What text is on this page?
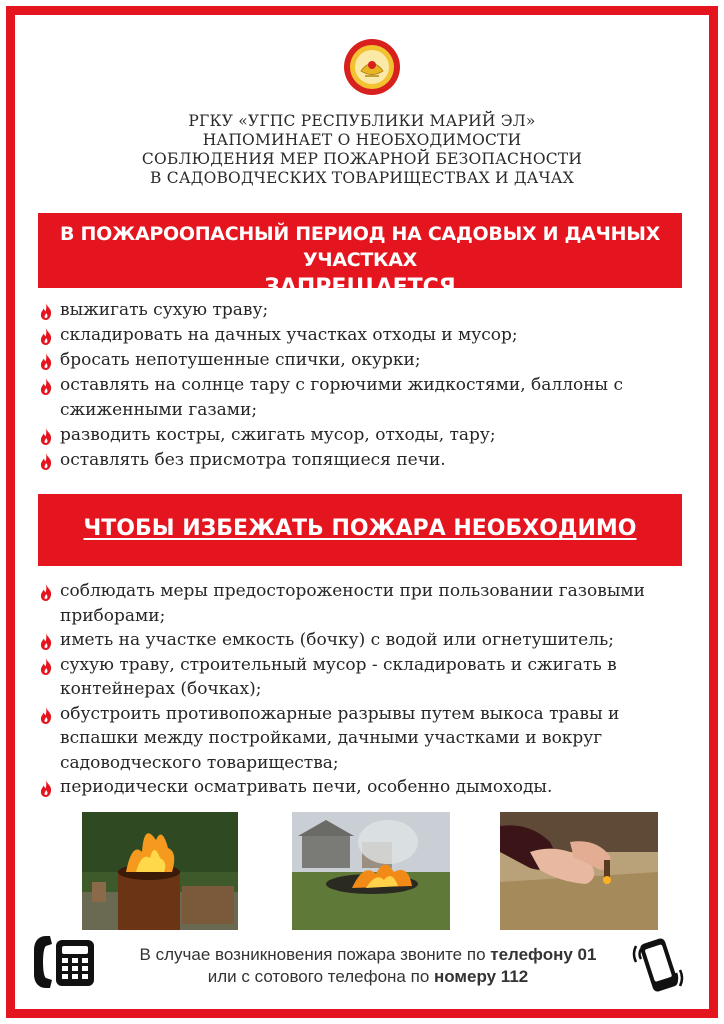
РГКУ «УГПС РЕСПУБЛИКИ МАРИЙ ЭЛ»
НАПОМИНАЕТ О НЕОБХОДИМОСТИ
СОБЛЮДЕНИЯ МЕР ПОЖАРНОЙ БЕЗОПАСНОСТИ
В САДОВОДЧЕСКИХ ТОВАРИЩЕСТВАХ И ДАЧАХ
В ПОЖАРООПАСНЫЙ ПЕРИОД НА САДОВЫХ И ДАЧНЫХ УЧАСТКАХ
ЗАПРЕЩАЕТСЯ
выжигать сухую траву;
складировать на дачных участках отходы и мусор;
бросать непотушенные спички, окурки;
оставлять на солнце тару с горючими жидкостями, баллоны с сжиженными газами;
разводить костры, сжигать мусор, отходы, тару;
оставлять без присмотра топящиеся печи.
ЧТОБЫ ИЗБЕЖАТЬ ПОЖАРА НЕОБХОДИМО
соблюдать меры предосторожености при пользовании газовыми приборами;
иметь на участке емкость (бочку) с водой или огнетушитель;
сухую траву, строительный мусор - складировать и сжигать в контейнерах (бочках);
обустроить противопожарные разрывы путем выкоса травы и вспашки между постройками, дачными участками и вокруг садоводческого товарищества;
периодически осматривать печи, особенно дымоходы.
В случае возникновения пожара звоните по телефону 01
или с сотового телефона по номеру 112
